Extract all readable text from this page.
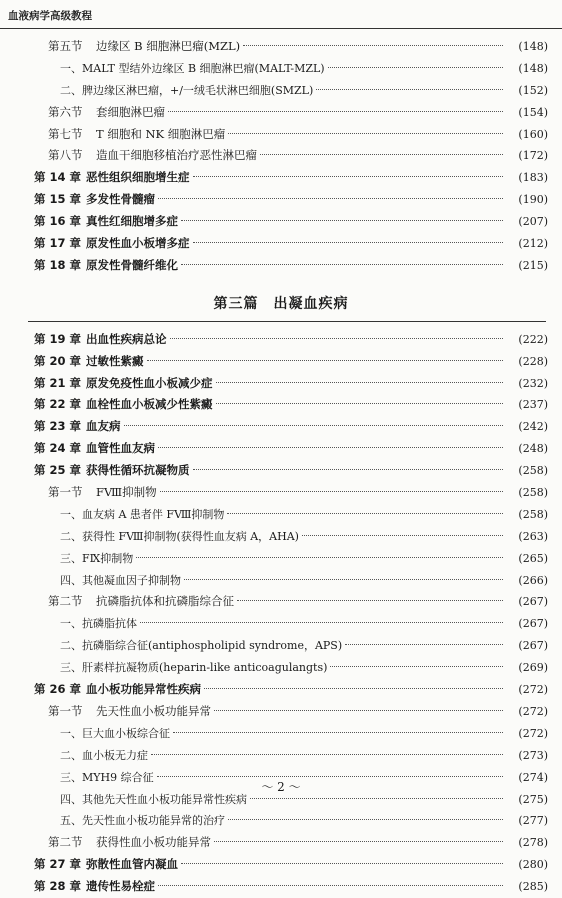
血液病学高级教程
第五节	边缘区 B 细胞淋巴瘤(MZL)	(148)
一、MALT 型结外边缘区 B 细胞淋巴瘤(MALT-MZL)	(148)
二、脾边缘区淋巴瘤，+/一绒毛状淋巴细胞(SMZL)	(152)
第六节	套细胞淋巴瘤	(154)
第七节	T 细胞和 NK 细胞淋巴瘤	(160)
第八节	造血干细胞移植治疗恶性淋巴瘤	(172)
第 14 章 恶性组织细胞增生症	(183)
第 15 章 多发性骨髓瘤	(190)
第 16 章 真性红细胞增多症	(207)
第 17 章 原发性血小板增多症	(212)
第 18 章 原发性骨髓纤维化	(215)
第三篇　出凝血疾病
第 19 章 出血性疾病总论	(222)
第 20 章 过敏性紫癜	(228)
第 21 章 原发免疫性血小板减少症	(232)
第 22 章 血栓性血小板减少性紫癜	(237)
第 23 章 血友病	(242)
第 24 章 血管性血友病	(248)
第 25 章 获得性循环抗凝物质	(258)
第一节	FⅧ抑制物	(258)
一、血友病 A 患者伴 FⅧ抑制物	(258)
二、获得性 FⅧ抑制物(获得性血友病 A，AHA)	(263)
三、FⅨ抑制物	(265)
四、其他凝血因子抑制物	(266)
第二节	抗磷脂抗体和抗磷脂综合征	(267)
一、抗磷脂抗体	(267)
二、抗磷脂综合征(antiphospholipid syndrome，APS)	(267)
三、肝素样抗凝物质(heparin-like anticoagulangts)	(269)
第 26 章 血小板功能异常性疾病	(272)
第一节	先天性血小板功能异常	(272)
一、巨大血小板综合征	(272)
二、血小板无力症	(273)
三、MYH9 综合征	(274)
四、其他先天性血小板功能异常性疾病	(275)
五、先天性血小板功能异常的治疗	(277)
第二节	获得性血小板功能异常	(278)
第 27 章 弥散性血管内凝血	(280)
第 28 章 遗传性易栓症	(285)
～ 2 ～
